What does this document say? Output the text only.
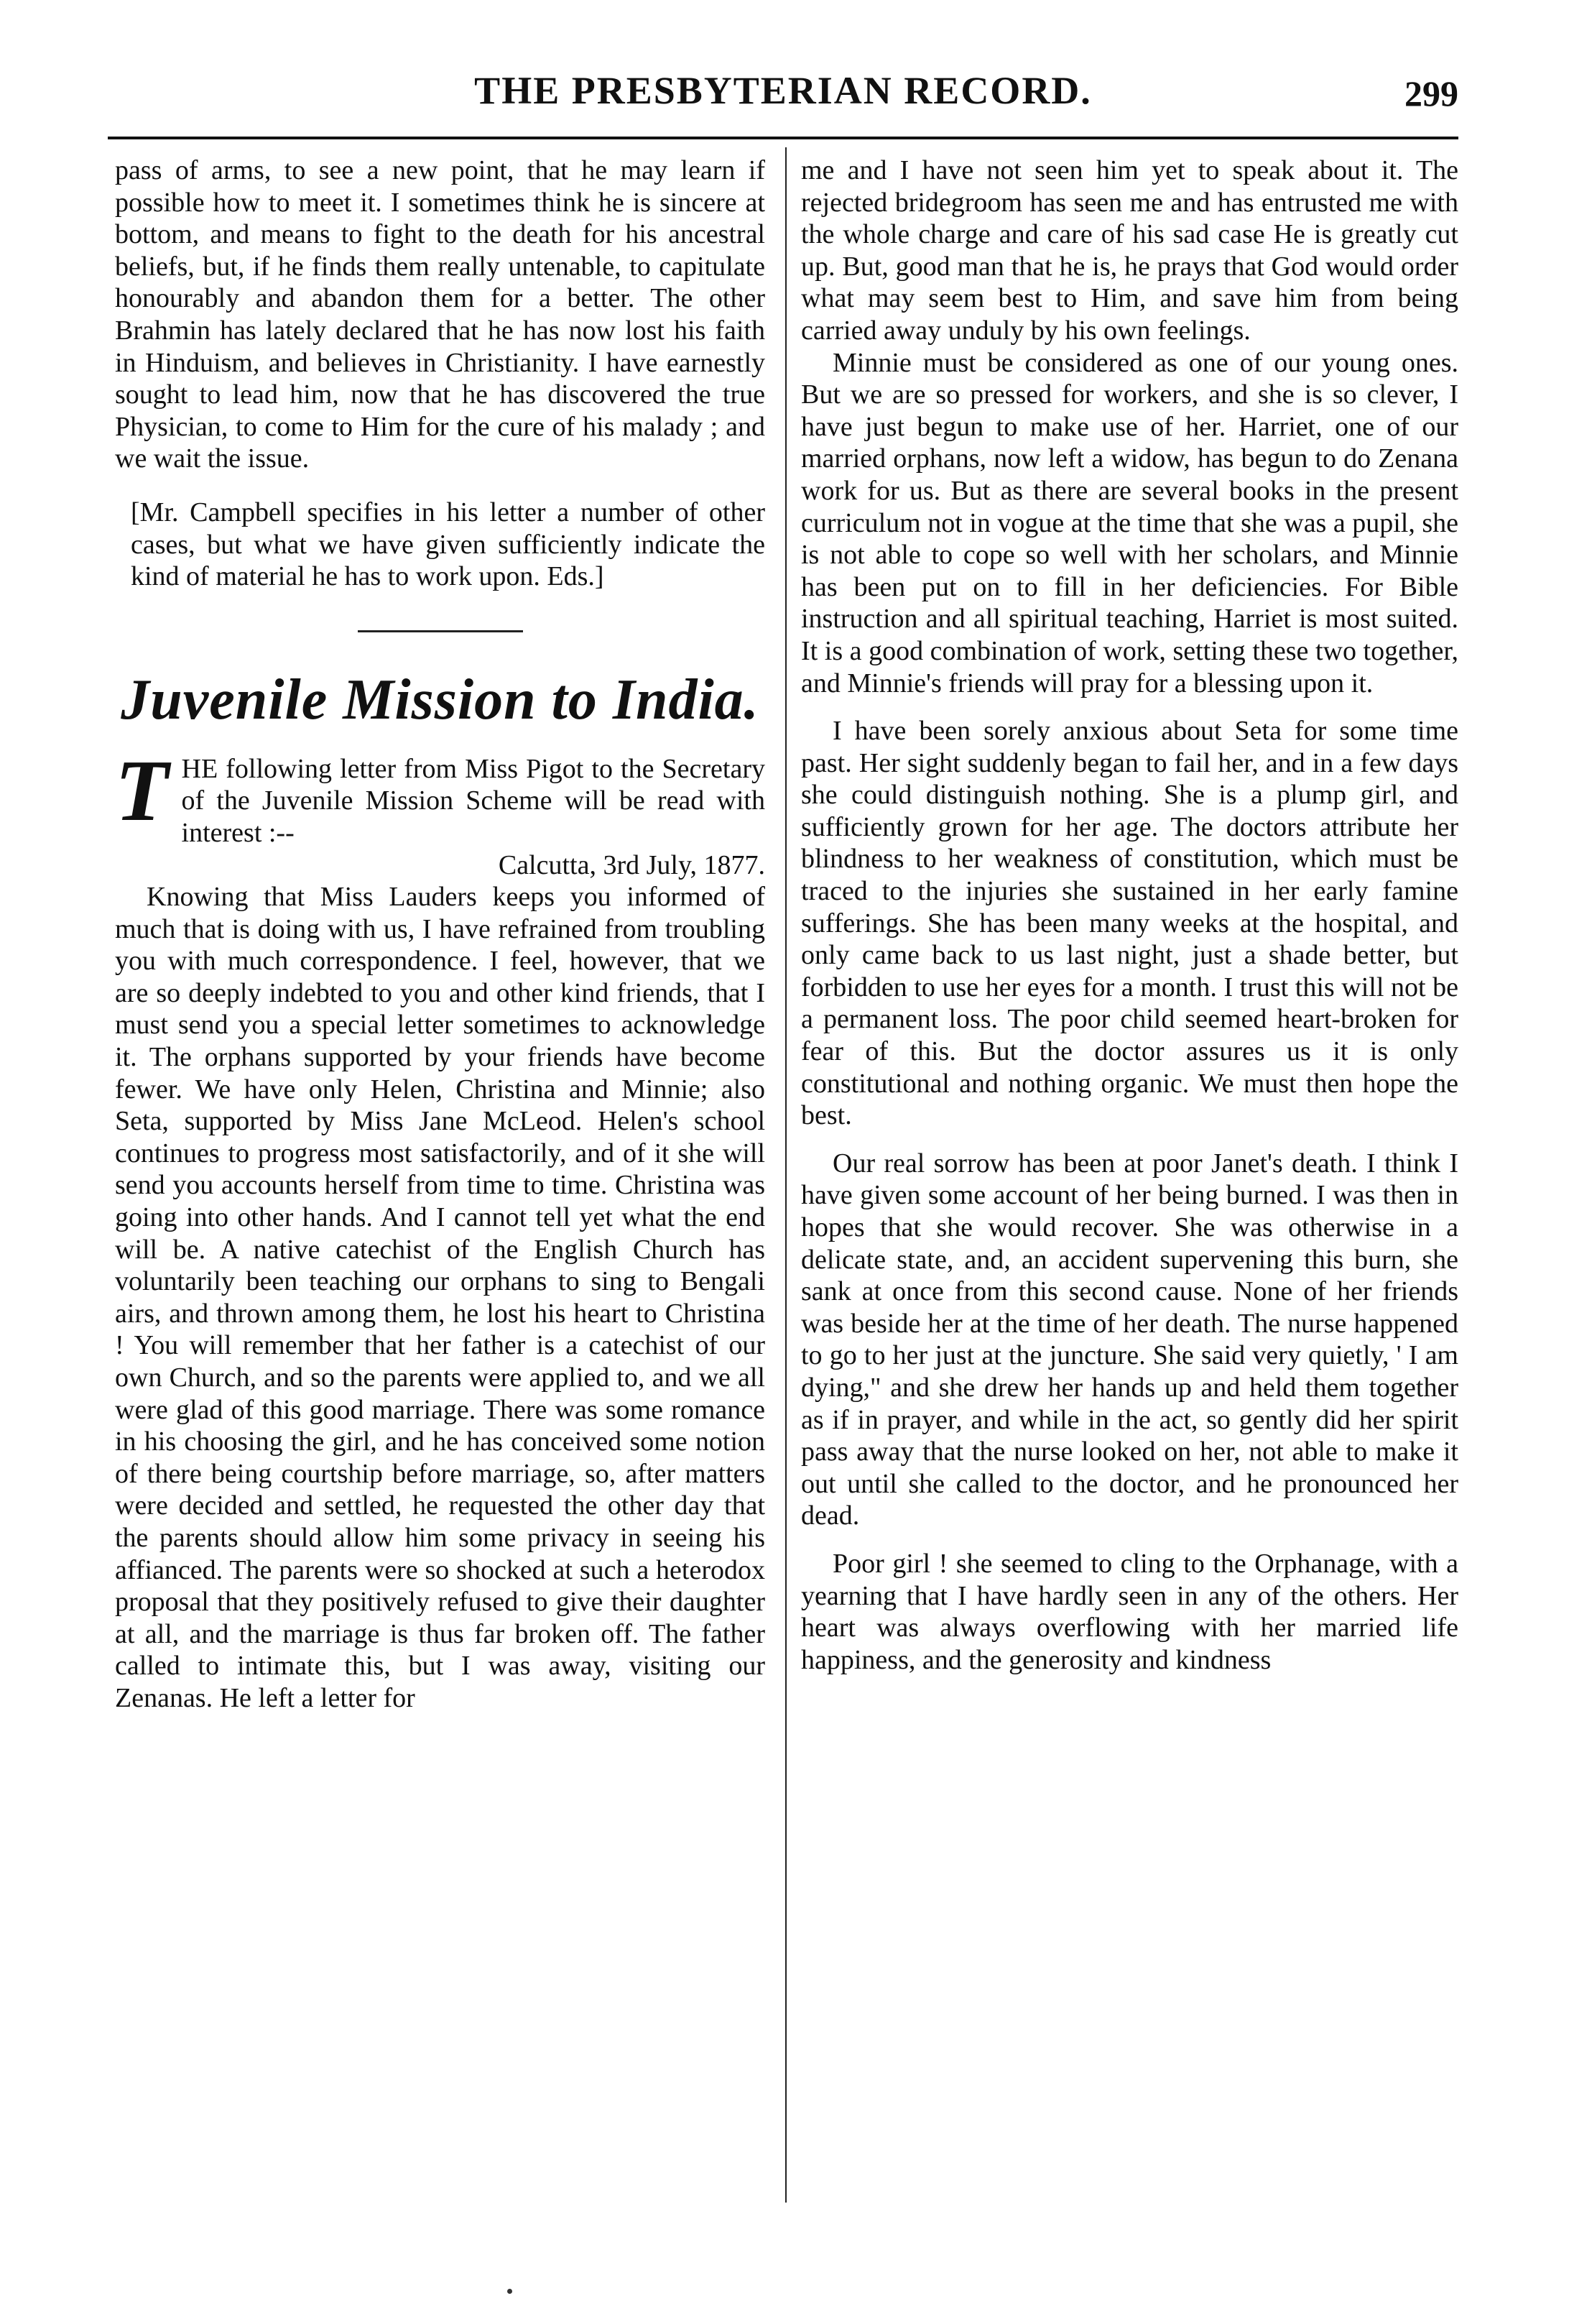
THE PRESBYTERIAN RECORD.	299

pass of arms, to see a new point, that he may learn if possible how to meet it. I sometimes think he is sincere at bottom, and means to fight to the death for his ancestral beliefs, but, if he finds them really untenable, to capitulate honourably and abandon them for a better. The other Brahmin has lately declared that he has now lost his faith in Hinduism, and believes in Christianity. I have earnestly sought to lead him, now that he has discovered the true Physician, to come to Him for the cure of his malady ; and we wait the issue.

[Mr. Campbell specifies in his letter a number of other cases, but what we have given sufficiently indicate the kind of material he has to work upon. Eds.]

Juvenile Mission to India.

THE following letter from Miss Pigot to the Secretary of the Juvenile Mission Scheme will be read with interest :--

Calcutta, 3rd July, 1877.

Knowing that Miss Lauders keeps you informed of much that is doing with us, I have refrained from troubling you with much correspondence. I feel, however, that we are so deeply indebted to you and other kind friends, that I must send you a special letter sometimes to acknowledge it. The orphans supported by your friends have become fewer. We have only Helen, Christina and Minnie; also Seta, supported by Miss Jane McLeod. Helen's school continues to progress most satisfactorily, and of it she will send you accounts herself from time to time. Christina was going into other hands. And I cannot tell yet what the end will be. A native catechist of the English Church has voluntarily been teaching our orphans to sing to Bengali airs, and thrown among them, he lost his heart to Christina ! You will remember that her father is a catechist of our own Church, and so the parents were applied to, and we all were glad of this good marriage. There was some romance in his choosing the girl, and he has conceived some notion of there being courtship before marriage, so, after matters were decided and settled, he requested the other day that the parents should allow him some privacy in seeing his affianced. The parents were so shocked at such a heterodox proposal that they positively refused to give their daughter at all, and the marriage is thus far broken off. The father called to intimate this, but I was away, visiting our Zenanas. He left a letter for

me and I have not seen him yet to speak about it. The rejected bridegroom has seen me and has entrusted me with the whole charge and care of his sad case He is greatly cut up. But, good man that he is, he prays that God would order what may seem best to Him, and save him from being carried away unduly by his own feelings.

Minnie must be considered as one of our young ones. But we are so pressed for workers, and she is so clever, I have just begun to make use of her. Harriet, one of our married orphans, now left a widow, has begun to do Zenana work for us. But as there are several books in the present curriculum not in vogue at the time that she was a pupil, she is not able to cope so well with her scholars, and Minnie has been put on to fill in her deficiencies. For Bible instruction and all spiritual teaching, Harriet is most suited. It is a good combination of work, setting these two together, and Minnie's friends will pray for a blessing upon it.

I have been sorely anxious about Seta for some time past. Her sight suddenly began to fail her, and in a few days she could distinguish nothing. She is a plump girl, and sufficiently grown for her age. The doctors attribute her blindness to her weakness of constitution, which must be traced to the injuries she sustained in her early famine sufferings. She has been many weeks at the hospital, and only came back to us last night, just a shade better, but forbidden to use her eyes for a month. I trust this will not be a permanent loss. The poor child seemed heart-broken for fear of this. But the doctor assures us it is only constitutional and nothing organic. We must then hope the best.

Our real sorrow has been at poor Janet's death. I think I have given some account of her being burned. I was then in hopes that she would recover. She was otherwise in a delicate state, and, an accident supervening this burn, she sank at once from this second cause. None of her friends was beside her at the time of her death. The nurse happened to go to her just at the juncture. She said very quietly, ' I am dying," and she drew her hands up and held them together as if in prayer, and while in the act, so gently did her spirit pass away that the nurse looked on her, not able to make it out until she called to the doctor, and he pronounced her dead.

Poor girl ! she seemed to cling to the Orphanage, with a yearning that I have hardly seen in any of the others. Her heart was always overflowing with her married life happiness, and the generosity and kindness
